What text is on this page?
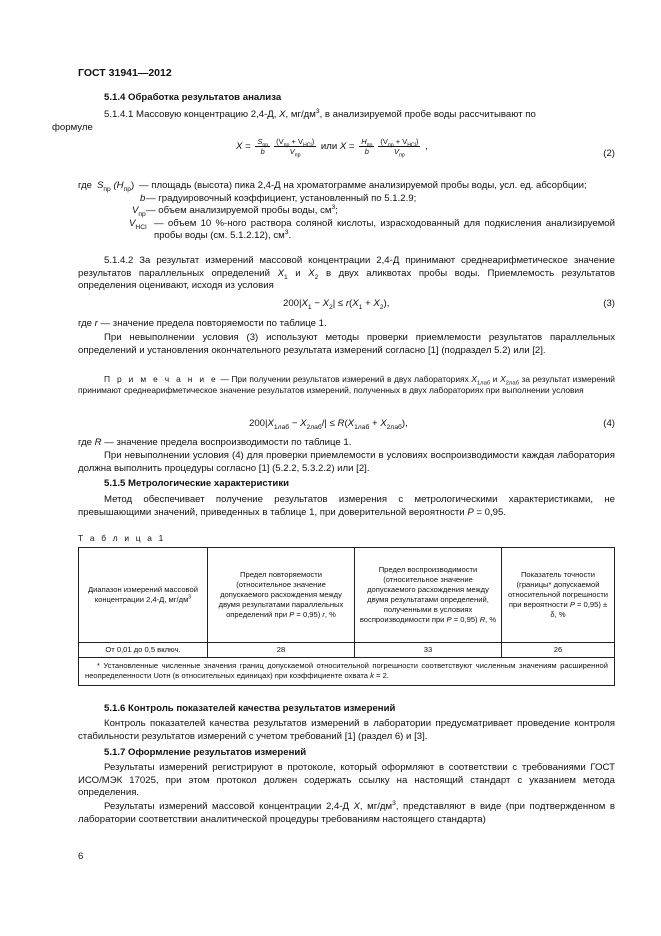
ГОСТ 31941—2012
5.1.4 Обработка результатов анализа
5.1.4.1 Массовую концентрацию 2,4-Д, X, $мг/дм^3$, в анализируемой пробе воды рассчитывают по
формуле
$X = \frac{S_{пр}}{b} \frac{(V_{пр} + V_{HCl})}{V_{пр}}$ или $X = \frac{H_{пр}}{b} \frac{(V_{пр} + V_{HCl})}{V_{пр}}$ ,
(2)
где $S_{пр}$ $(H_{пр})$ — площадь (высота) пика 2,4-Д на хроматограмме анализируемой пробы воды, усл. ед. абсорбции;
b — градуировочный коэффициент, установленный по 5.1.2.9;
$V_{пр}$ — объем анализируемой пробы воды, $см^3$;
$V_{HCl}$ — объем 10 %-ного раствора соляной кислоты, израсходованный для подкисления анализируемой пробы воды (см. 5.1.2.12), $см^3$.
5.1.4.2 За результат измерений массовой концентрации 2,4-Д принимают среднеарифметическое значение результатов параллельных определений $X_1$ и $X_2$ в двух аликвотах пробы воды. Приемлемость результатов определения оценивают, исходя из условия
$200|X_1 - X_2| \le r(X_1 + X_2)$,	(3)
где r — значение предела повторяемости по таблице 1.
При невыполнении условия (3) используют методы проверки приемлемости результатов параллельных определений и установления окончательного результата измерений согласно [1] (подраздел 5.2) или [2].
П р и м е ч а н и е — При получении результатов измерений в двух лабораториях $X_{1лаб}$ и $X_{2лаб}$ за результат измерений принимают среднеарифметическое значение результатов измерений, полученных в двух лабораториях при выполнении условия
$200|X_{1лаб} - X_{2лаб}/| \le R(X_{1лаб} + X_{2лаб})$,	(4)
где R — значение предела воспроизводимости по таблице 1.
При невыполнении условия (4) для проверки приемлемости в условиях воспроизводимости каждая лаборатория должна выполнить процедуры согласно [1] (5.2.2, 5.3.2.2) или [2].
5.1.5 Метрологические характеристики
Метод обеспечивает получение результатов измерения с метрологическими характеристиками, не превышающими значений, приведенных в таблице 1, при доверительной вероятности P = 0,95.
Т а б л и ц а 1
Диапазон измерений массовой концентрации 2,4-Д, $мг/дм^3$	Предел повторяемости (относительное значение допускаемого расхождения между двумя результатами параллельных определений при P = 0,95) r, %	Предел воспроизводимости (относительное значение допускаемого расхождения между двумя результатами определений, полученными в условиях воспроизводимости при P = 0,95) R, %	Показатель точности (границы* допускаемой относительной погрешности при вероятности P = 0,95) ± δ, %
От 0,01 до 0,5 включ.	28	33	26
* Установленные численные значения границ допускаемой относительной погрешности соответствуют численным значениям расширенной неопределенности Uотн (в относительных единицах) при коэффициенте охвата k = 2.			
5.1.6 Контроль показателей качества результатов измерений
Контроль показателей качества результатов измерений в лаборатории предусматривает проведение контроля стабильности результатов измерений с учетом требований [1] (раздел 6) и [3].
5.1.7 Оформление результатов измерений
Результаты измерений регистрируют в протоколе, который оформляют в соответствии с требованиями ГОСТ ИСО/МЭК 17025, при этом протокол должен содержать ссылку на настоящий стандарт с указанием метода определения.
Результаты измерений массовой концентрации 2,4-Д X, $мг/дм^3$, представляют в виде (при подтвержденном в лаборатории соответствии аналитической процедуры требованиям настоящего стандарта)
6
